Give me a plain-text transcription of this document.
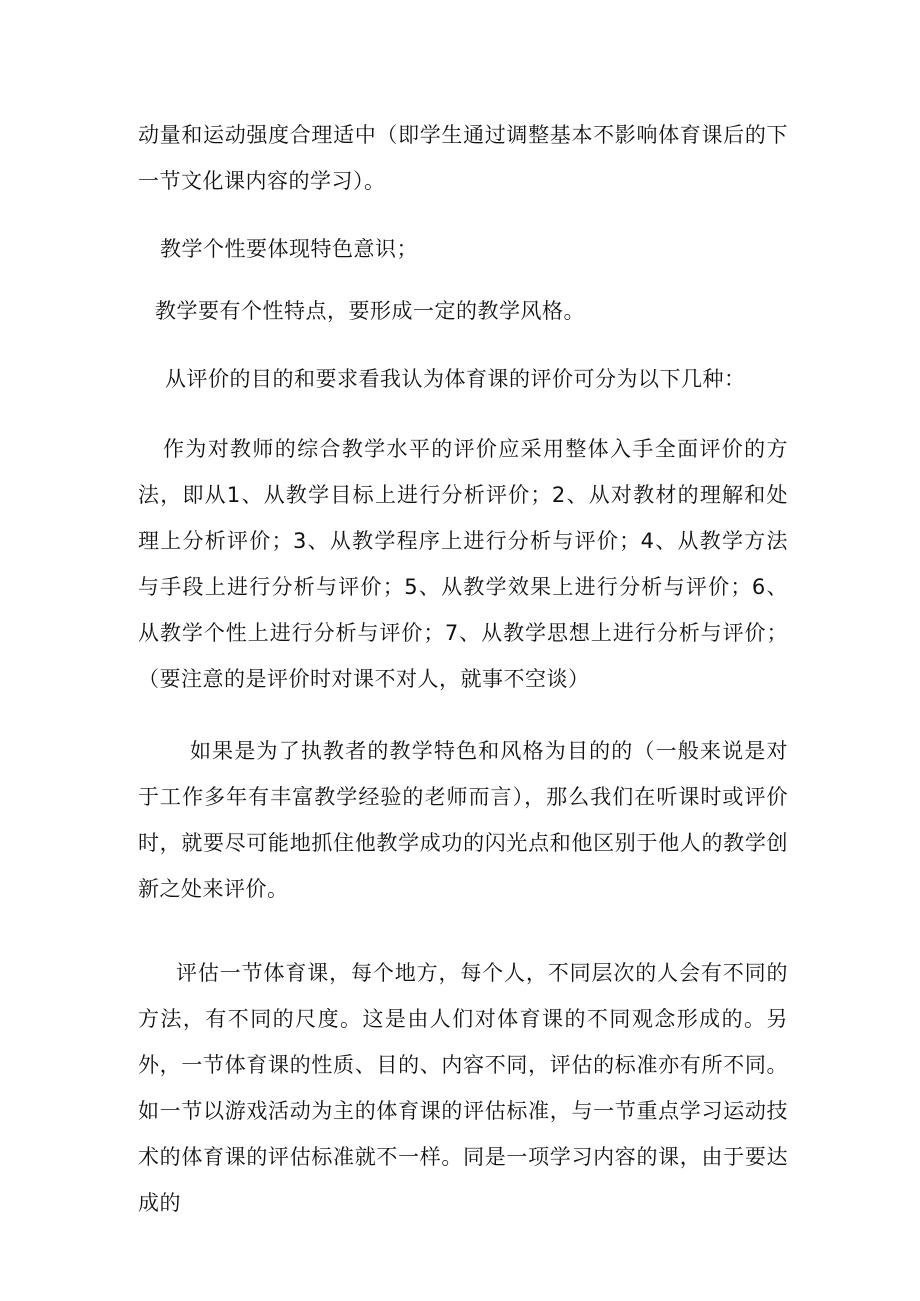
动量和运动强度合理适中（即学生通过调整基本不影响体育课后的下一节文化课内容的学习）。

教学个性要体现特色意识；

教学要有个性特点，要形成一定的教学风格。

从评价的目的和要求看我认为体育课的评价可分为以下几种：

作为对教师的综合教学水平的评价应采用整体入手全面评价的方法，即从1、从教学目标上进行分析评价；2、从对教材的理解和处理上分析评价；3、从教学程序上进行分析与评价；4、从教学方法与手段上进行分析与评价；5、从教学效果上进行分析与评价；6、从教学个性上进行分析与评价；7、从教学思想上进行分析与评价；（要注意的是评价时对课不对人，就事不空谈）

如果是为了执教者的教学特色和风格为目的的（一般来说是对于工作多年有丰富教学经验的老师而言），那么我们在听课时或评价时，就要尽可能地抓住他教学成功的闪光点和他区别于他人的教学创新之处来评价。

评估一节体育课，每个地方，每个人，不同层次的人会有不同的方法，有不同的尺度。这是由人们对体育课的不同观念形成的。另外，一节体育课的性质、目的、内容不同，评估的标准亦有所不同。如一节以游戏活动为主的体育课的评估标准，与一节重点学习运动技术的体育课的评估标准就不一样。同是一项学习内容的课，由于要达成的
